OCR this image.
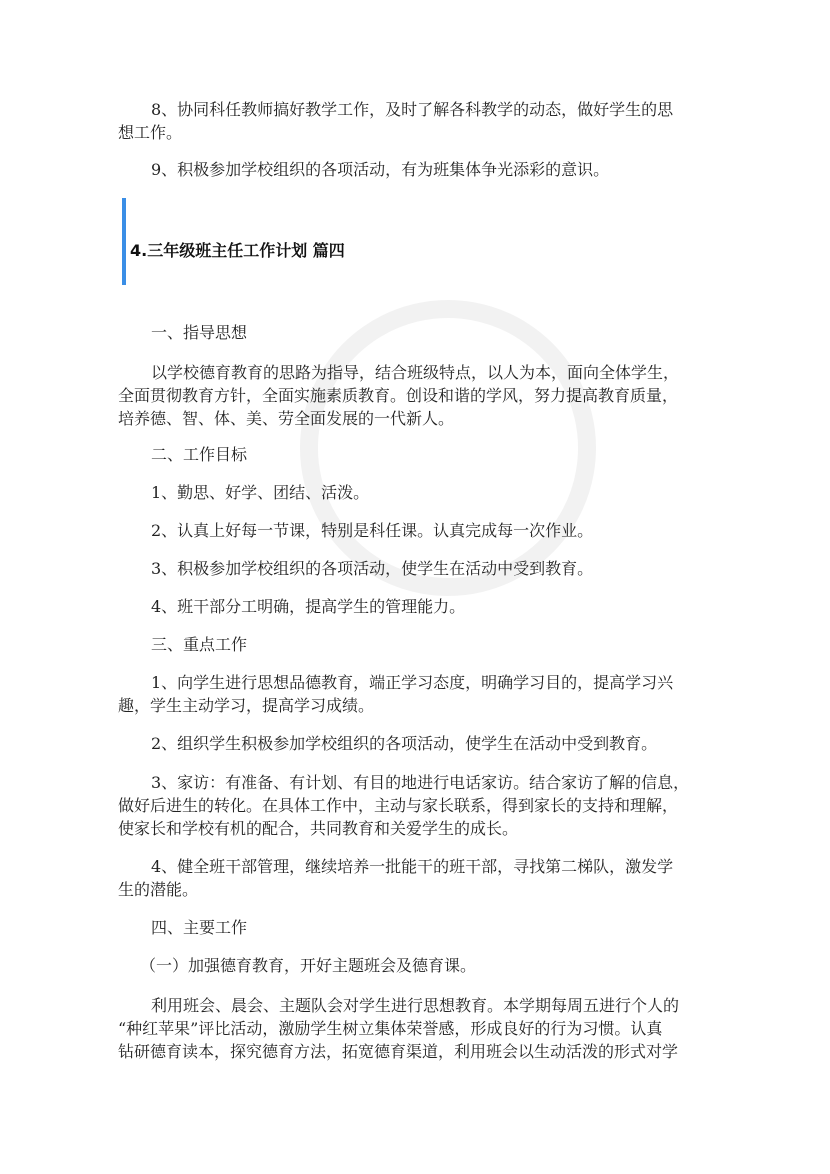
4.三年级班主任工作计划 篇四
8、协同科任教师搞好教学工作，及时了解各科教学的动态，做好学生的思
想工作。
9、积极参加学校组织的各项活动，有为班集体争光添彩的意识。
一、指导思想
以学校德育教育的思路为指导，结合班级特点，以人为本，面向全体学生，
全面贯彻教育方针，全面实施素质教育。创设和谐的学风，努力提高教育质量，
培养德、智、体、美、劳全面发展的一代新人。
二、工作目标
1、勤思、好学、团结、活泼。
2、认真上好每一节课，特别是科任课。认真完成每一次作业。
3、积极参加学校组织的各项活动，使学生在活动中受到教育。
4、班干部分工明确，提高学生的管理能力。
三、重点工作
1、向学生进行思想品德教育，端正学习态度，明确学习目的，提高学习兴
趣，学生主动学习，提高学习成绩。
2、组织学生积极参加学校组织的各项活动，使学生在活动中受到教育。
3、家访：有准备、有计划、有目的地进行电话家访。结合家访了解的信息，
做好后进生的转化。在具体工作中，主动与家长联系，得到家长的支持和理解，
使家长和学校有机的配合，共同教育和关爱学生的成长。
4、健全班干部管理，继续培养一批能干的班干部，寻找第二梯队，激发学
生的潜能。
四、主要工作
（一）加强德育教育，开好主题班会及德育课。
利用班会、晨会、主题队会对学生进行思想教育。本学期每周五进行个人的
“种红苹果”评比活动，激励学生树立集体荣誉感，形成良好的行为习惯。认真
钻研德育读本，探究德育方法，拓宽德育渠道，利用班会以生动活泼的形式对学
